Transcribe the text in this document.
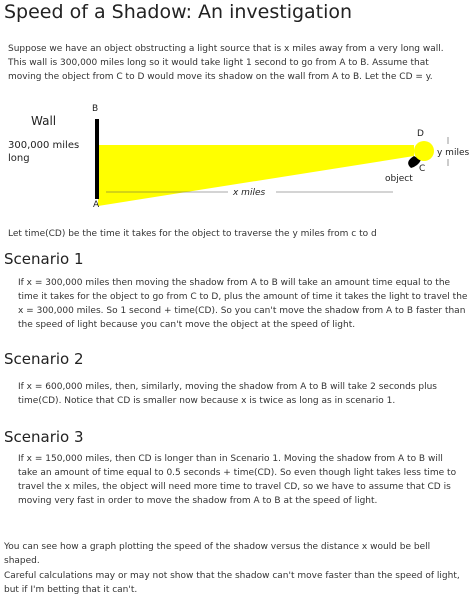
Speed of a Shadow: An investigation

Suppose we have an object obstructing a light source that is x miles away from a very long wall. This wall is 300,000 miles long so it would take light 1 second to go from A to B. Assume that moving the object from C to D would move its shadow on the wall from A to B. Let the CD = y.

Wall
300,000 miles
long
B
A
D
C
object
y miles
x miles

Let time(CD) be the time it takes for the object to traverse the y miles from c to d

Scenario 1

If x = 300,000 miles then moving the shadow from A to B will take an amount time equal to the time it takes for the object to go from C to D, plus the amount of time it takes the light to travel the x = 300,000 miles. So 1 second + time(CD). So you can't move the shadow from A to B faster than the speed of light because you can't move the object at the speed of light.

Scenario 2

If x = 600,000 miles, then, similarly, moving the shadow from A to B will take 2 seconds plus time(CD). Notice that CD is smaller now because x is twice as long as in scenario 1.

Scenario 3

If x = 150,000 miles, then CD is longer than in Scenario 1. Moving the shadow from A to B will take an amount of time equal to 0.5 seconds + time(CD). So even though light takes less time to travel the x miles, the object will need more time to travel CD, so we have to assume that CD is moving very fast in order to move the shadow from A to B at the speed of light.

You can see how a graph plotting the speed of the shadow versus the distance x would be bell shaped.

Careful calculations may or may not show that the shadow can't move faster than the speed of light, but if I'm betting that it can't.
